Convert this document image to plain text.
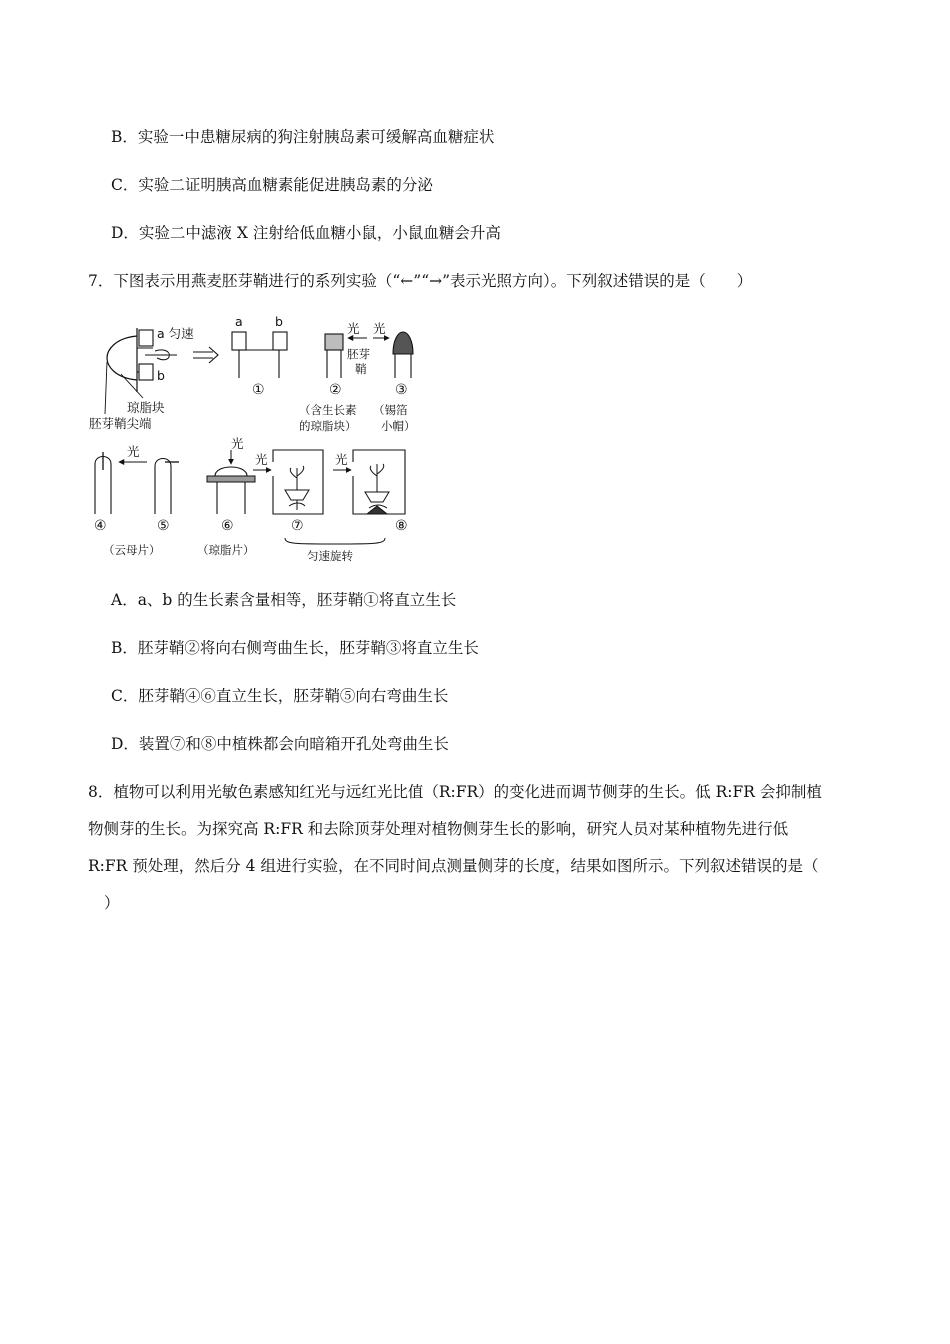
B．实验一中患糖尿病的狗注射胰岛素可缓解高血糖症状
C．实验二证明胰高血糖素能促进胰岛素的分泌
D．实验二中滤液 X 注射给低血糖小鼠，小鼠血糖会升高
7．下图表示用燕麦胚芽鞘进行的系列实验（“←”“→”表示光照方向）。下列叙述错误的是（　　）
a 匀速
b
琼脂块
胚芽鞘尖端
a	b
①
光
胚芽
鞘
②
（含生长素
的琼脂块）
光
③
（锡箔
小帽）
光
④	⑤
（云母片）
光
⑥
（琼脂片）
光
⑦
光
⑧
匀速旋转
A．a、b 的生长素含量相等，胚芽鞘①将直立生长
B．胚芽鞘②将向右侧弯曲生长，胚芽鞘③将直立生长
C．胚芽鞘④⑥直立生长，胚芽鞘⑤向右弯曲生长
D．装置⑦和⑧中植株都会向暗箱开孔处弯曲生长
8．植物可以利用光敏色素感知红光与远红光比值（R:FR）的变化进而调节侧芽的生长。低 R:FR 会抑制植
物侧芽的生长。为探究高 R:FR 和去除顶芽处理对植物侧芽生长的影响，研究人员对某种植物先进行低
R:FR 预处理，然后分 4 组进行实验，在不同时间点测量侧芽的长度，结果如图所示。下列叙述错误的是（
）
